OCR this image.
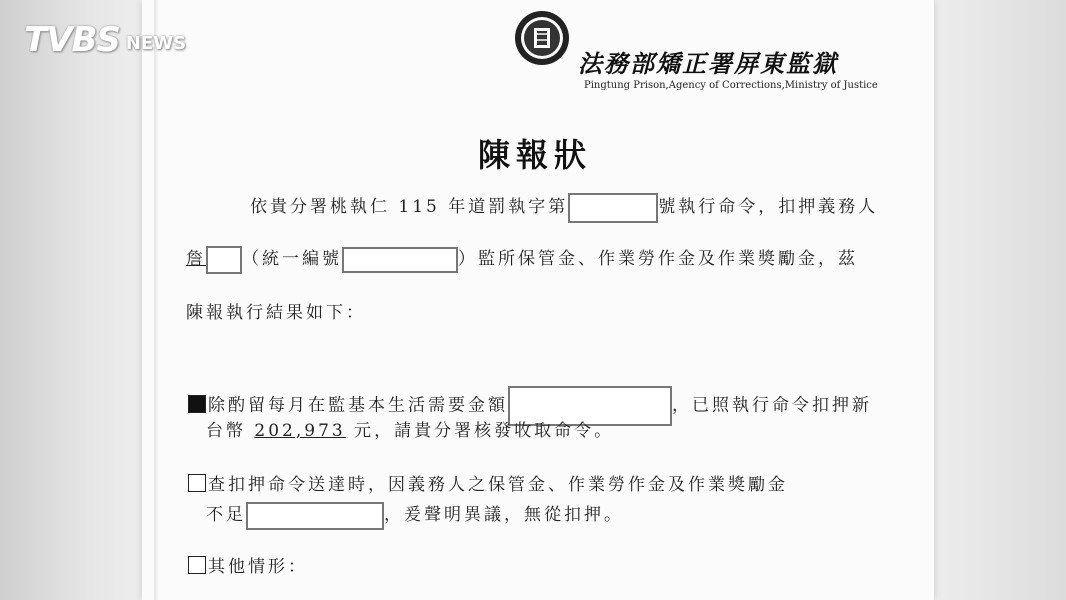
法務部矯正署屏東監獄
Pingtung Prison,Agency of Corrections,Ministry of Justice
陳報狀
依貴分署桃執仁 115 年道罰執字第	號執行命令，扣押義務人
詹 （統一編號	）監所保管金、作業勞作金及作業獎勵金，茲
陳報執行結果如下：
除酌留每月在監基本生活需要金額	，已照執行命令扣押新
台幣 202,973 元，請貴分署核發收取命令。
查扣押命令送達時，因義務人之保管金、作業勞作金及作業獎勵金
不足	，爰聲明異議，無從扣押。
其他情形：
TVBS NEWS
